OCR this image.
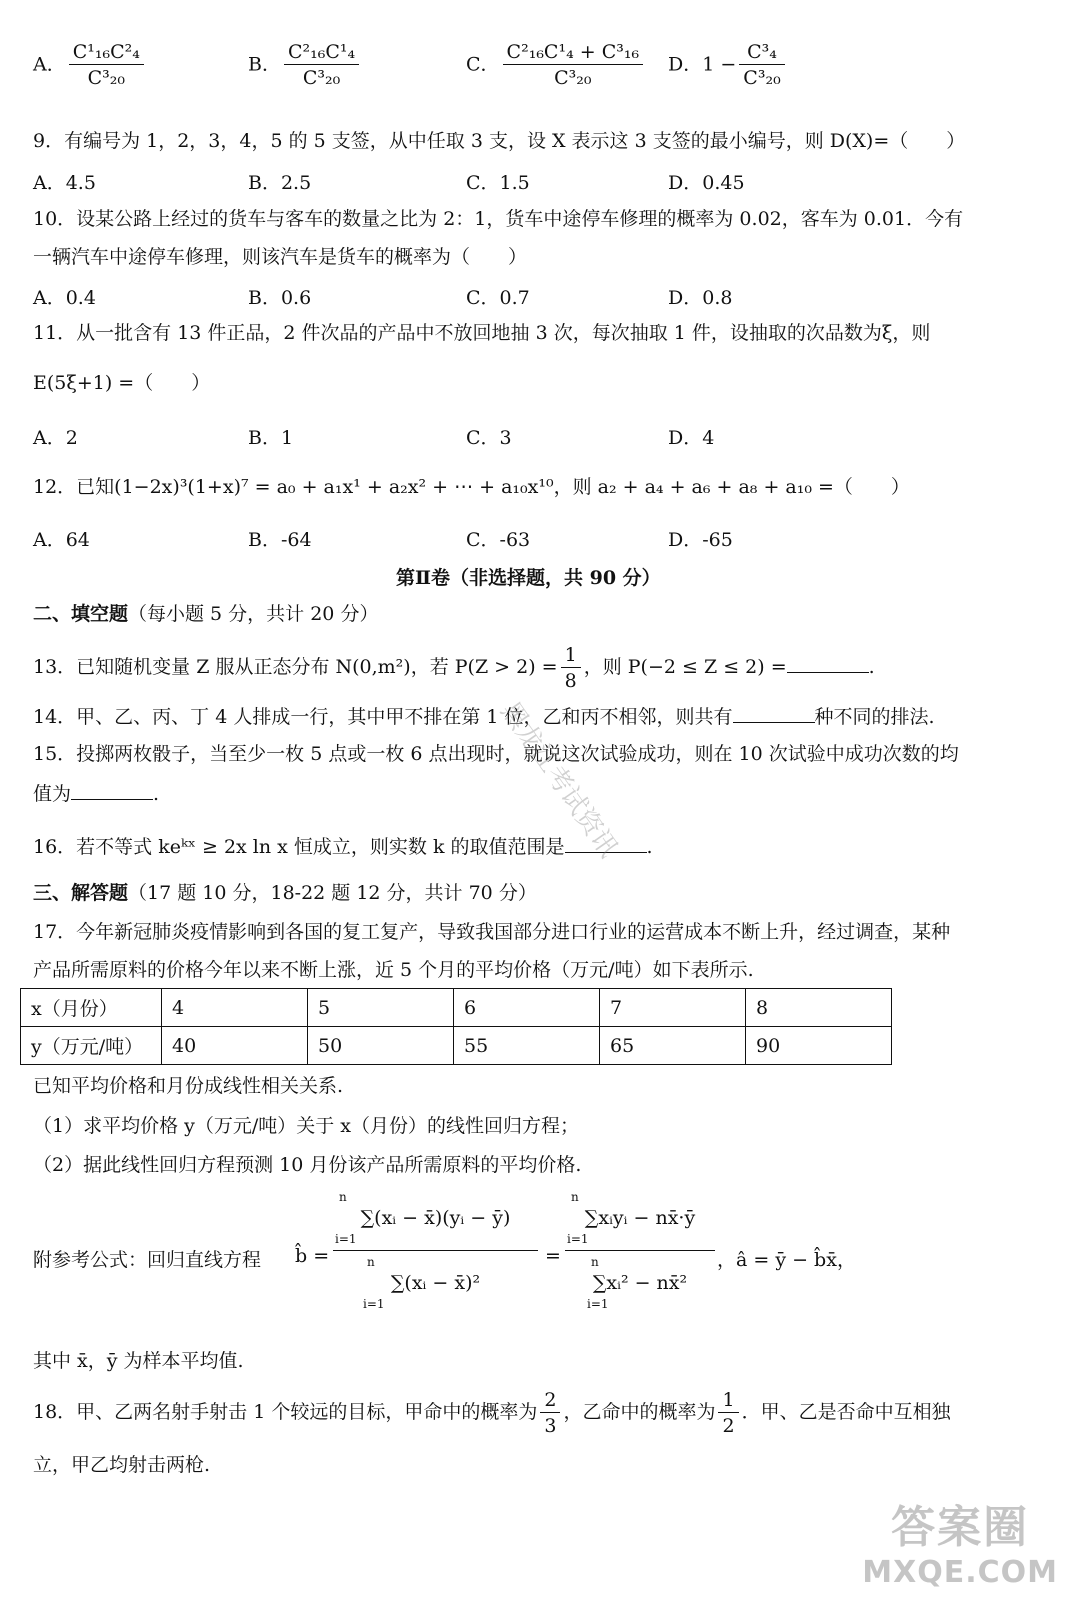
A． $\frac{\text{C¹₁₆C²₄}}{\text{C³₂₀}}$	B． $\frac{\text{C²₁₆C¹₄}}{\text{C³₂₀}}$	C． $\frac{\text{C²₁₆C¹₄ + C³₁₆}}{\text{C³₂₀}}$ D．$1 - \frac{\text{C³₄}}{\text{C³₂₀}}$
9．有编号为 1，2，3，4，5 的 5 支签，从中任取 3 支，设 X 表示这 3 支签的最小编号，则 D(X)=（　　）
A．4.5	B．2.5	C．1.5	D．0.45
10．设某公路上经过的货车与客车的数量之比为 2：1，货车中途停车修理的概率为 0.02，客车为 0.01．今有
一辆汽车中途停车修理，则该汽车是货车的概率为（　　）
A．0.4	B．0.6	C．0.7	D．0.8
11．从一批含有 13 件正品，2 件次品的产品中不放回地抽 3 次，每次抽取 1 件，设抽取的次品数为ξ，则
E(5ξ+1) =（　　）
A．2	B．1	C．3	D．4
12．已知(1−2x)³(1+x)⁷ = a₀ + a₁x¹ + a₂x² + ⋯ + a₁₀x¹⁰，则 a₂ + a₄ + a₆ + a₈ + a₁₀ =（　　）
A．64	B．-64	C．-63	D．-65
第Ⅱ卷（非选择题，共 90 分）
二、填空题（每小题 5 分，共计 20 分）
13．已知随机变量 Z 服从正态分布 N(0,m²)，若 $P(Z > 2) = \frac{1}{8}$ ，则 P(−2 ≤ Z ≤ 2) =	.
14．甲、乙、丙、丁 4 人排成一行，其中甲不排在第 1 位，乙和丙不相邻，则共有	种不同的排法.
15．投掷两枚骰子，当至少一枚 5 点或一枚 6 点出现时，就说这次试验成功，则在 10 次试验中成功次数的均
值为	.
16．若不等式 keᵏˣ ≥ 2x ln x 恒成立，则实数 k 的取值范围是	.
三、解答题（17 题 10 分，18-22 题 12 分，共计 70 分）
17．今年新冠肺炎疫情影响到各国的复工复产，导致我国部分进口行业的运营成本不断上升，经过调查，某种
产品所需原料的价格今年以来不断上涨，近 5 个月的平均价格（万元/吨）如下表所示.
x（月份）	4	5	6	7	8
y（万元/吨）	40	50	55	65	90
已知平均价格和月份成线性相关关系.
（1）求平均价格 y（万元/吨）关于 x（月份）的线性回归方程；
（2）据此线性回归方程预测 10 月份该产品所需原料的平均价格.
附参考公式：回归直线方程 b̂ =
n
∑(xᵢ − x̄)(yᵢ − ȳ)
i=1
n
∑(xᵢ − x̄)²
i=1
=
n
∑xᵢyᵢ − nx̄·ȳ
i=1
n
∑xᵢ² − nx̄²
i=1
，â = ȳ − b̂x̄，
其中 x̄，ȳ 为样本平均值.
18．甲、乙两名射手射击 1 个较远的目标，甲命中的概率为 $\frac{2}{3}$ ，乙命中的概率为 $\frac{1}{2}$ ．甲、乙是否命中互相独
立，甲乙均射击两枪.
黑龙江考试资讯
答案圈
MXQE.COM
